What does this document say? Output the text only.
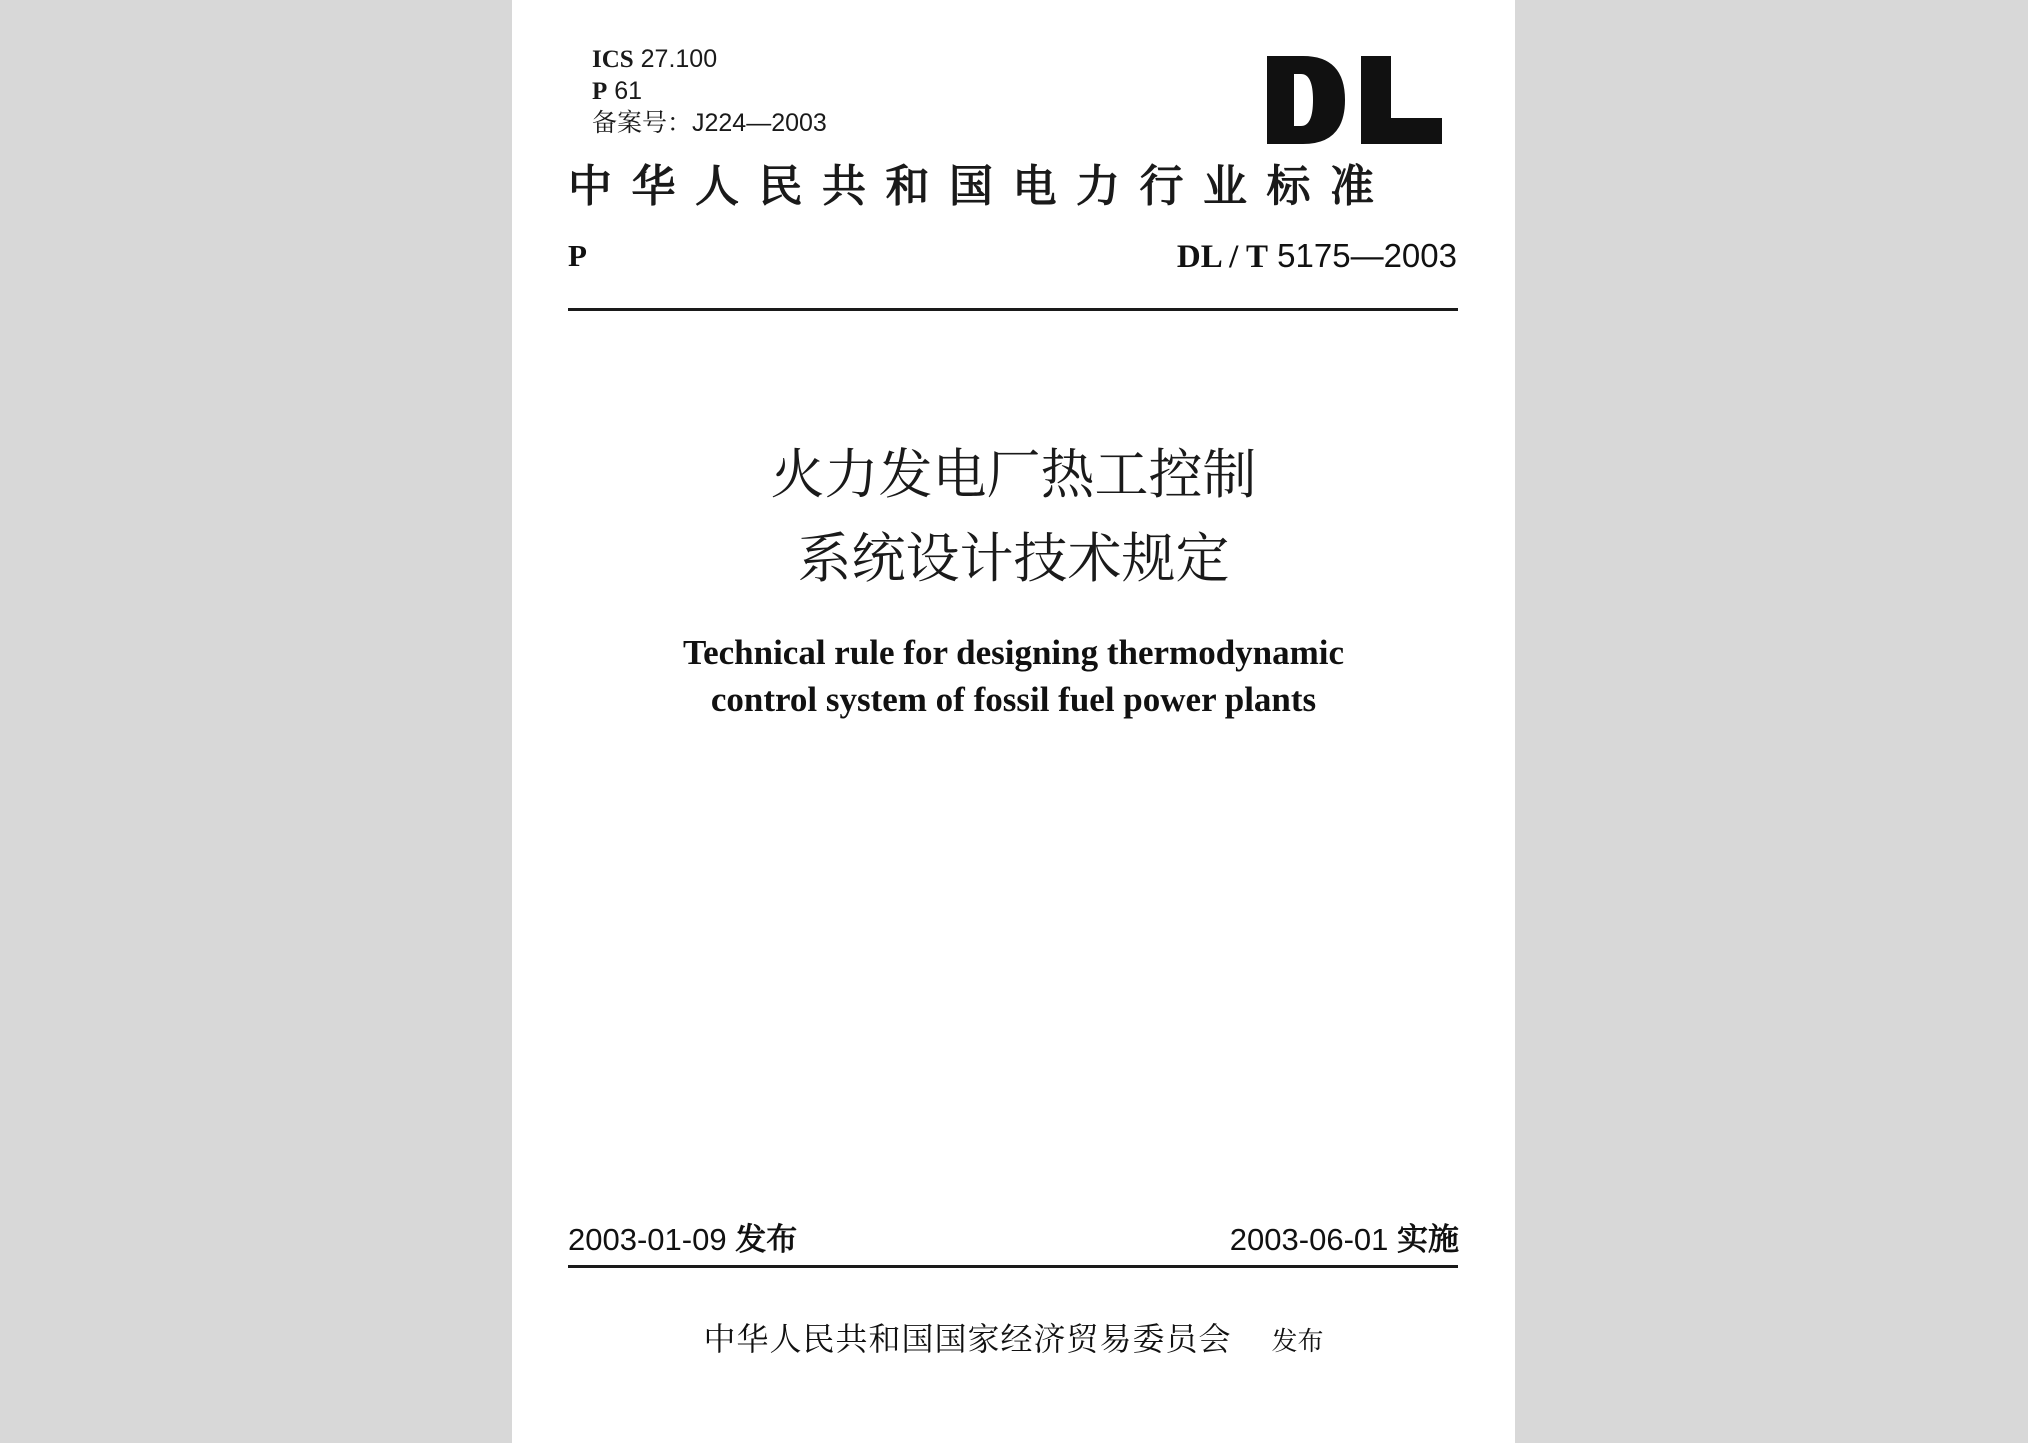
ICS 27.100
P 61
备案号：J224—2003
中华人民共和国电力行业标准
P	DL / T 5175—2003
火力发电厂热工控制
系统设计技术规定
Technical rule for designing thermodynamic
control system of fossil fuel power plants
2003-01-09 发布	2003-06-01 实施
中华人民共和国国家经济贸易委员会 发布
